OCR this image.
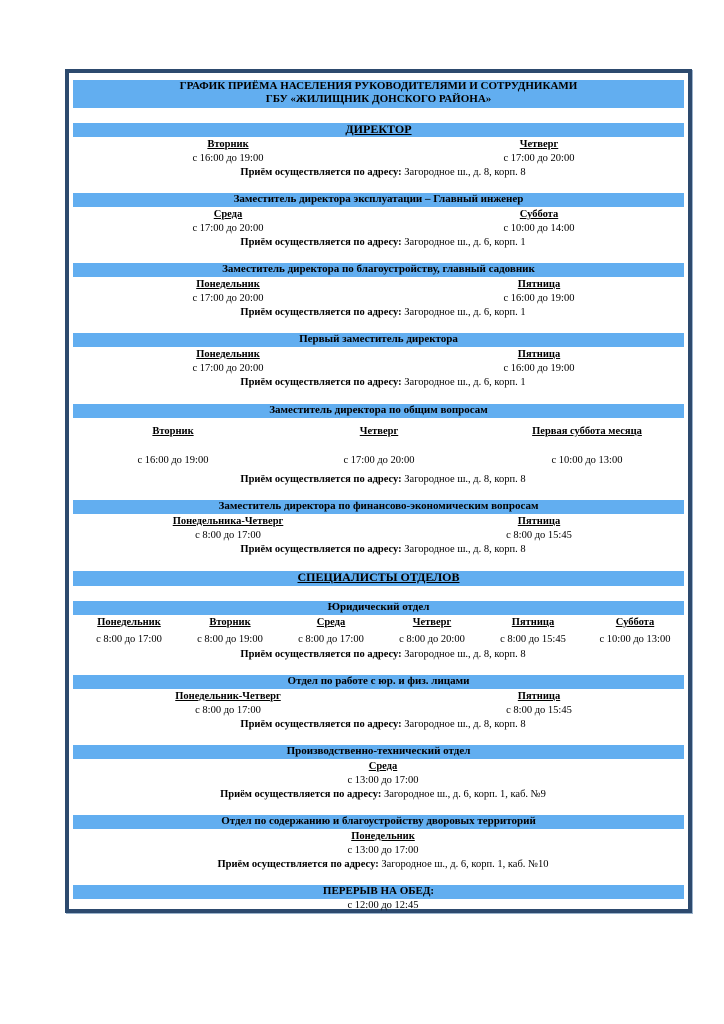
ГРАФИК ПРИЁМА НАСЕЛЕНИЯ РУКОВОДИТЕЛЯМИ И СОТРУДНИКАМИ
ГБУ «ЖИЛИЩНИК ДОНСКОГО РАЙОНА»
ДИРЕКТОР
Вторник	Четверг
с 16:00 до 19:00	с 17:00 до 20:00
Приём осуществляется по адресу: Загородное ш., д. 8, корп. 8
Заместитель директора эксплуатации – Главный инженер
Среда	Суббота
с 17:00 до 20:00	с 10:00 до 14:00
Приём осуществляется по адресу: Загородное ш., д. 6, корп. 1
Заместитель директора по благоустройству, главный садовник
Понедельник	Пятница
с 17:00 до 20:00	с 16:00 до 19:00
Приём осуществляется по адресу: Загородное ш., д. 6, корп. 1
Первый заместитель директора
Понедельник	Пятница
с 17:00 до 20:00	с 16:00 до 19:00
Приём осуществляется по адресу: Загородное ш., д. 6, корп. 1
Заместитель директора по общим вопросам
Вторник	Четверг	Первая суббота месяца
с 16:00 до 19:00	с 17:00 до 20:00	с 10:00 до 13:00
Приём осуществляется по адресу: Загородное ш., д. 8, корп. 8
Заместитель директора по финансово-экономическим вопросам
Понедельника-Четверг	Пятница
с 8:00 до 17:00	с 8:00 до 15:45
Приём осуществляется по адресу: Загородное ш., д. 8, корп. 8
СПЕЦИАЛИСТЫ ОТДЕЛОВ
Юридический отдел
Понедельник	Вторник	Среда	Четверг	Пятница	Суббота
с 8:00 до 17:00	с 8:00 до 19:00	с 8:00 до 17:00	с 8:00 до 20:00	с 8:00 до 15:45	с 10:00 до 13:00
Приём осуществляется по адресу: Загородное ш., д. 8, корп. 8
Отдел по работе с юр. и физ. лицами
Понедельник-Четверг	Пятница
с 8:00 до 17:00	с 8:00 до 15:45
Приём осуществляется по адресу: Загородное ш., д. 8, корп. 8
Производственно-технический отдел
Среда
с 13:00 до 17:00
Приём осуществляется по адресу: Загородное ш., д. 6, корп. 1, каб. №9
Отдел по содержанию и благоустройству дворовых территорий
Понедельник
с 13:00 до 17:00
Приём осуществляется по адресу: Загородное ш., д. 6, корп. 1, каб. №10
ПЕРЕРЫВ НА ОБЕД:
с 12:00 до 12:45
